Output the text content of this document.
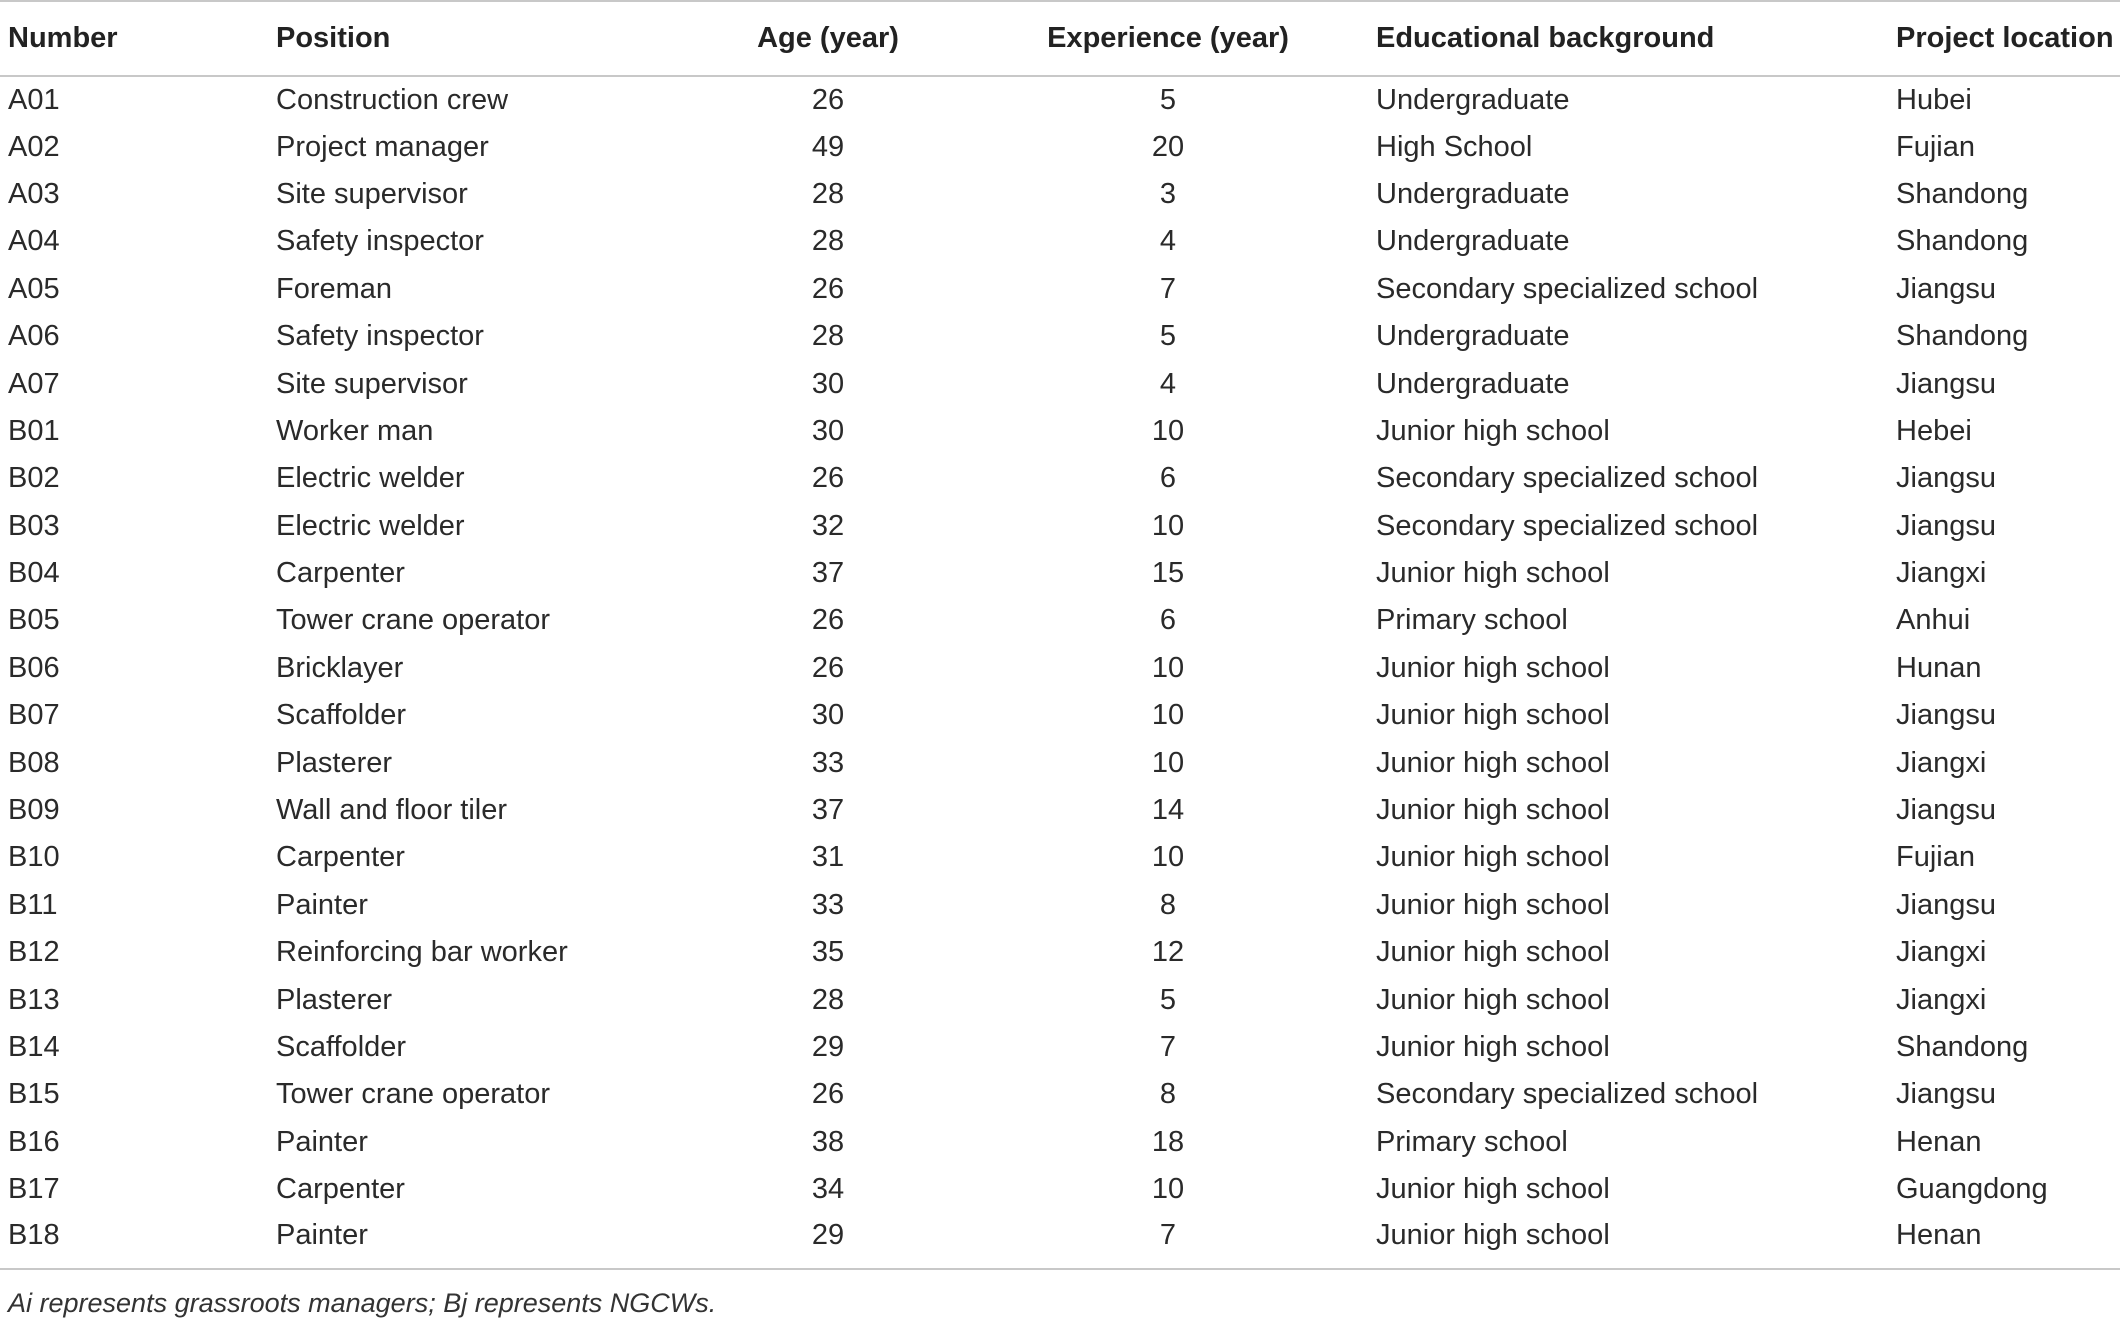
Number	Position	Age (year)	Experience (year)	Educational background	Project location
A01	Construction crew	26	5	Undergraduate	Hubei
A02	Project manager	49	20	High School	Fujian
A03	Site supervisor	28	3	Undergraduate	Shandong
A04	Safety inspector	28	4	Undergraduate	Shandong
A05	Foreman	26	7	Secondary specialized school	Jiangsu
A06	Safety inspector	28	5	Undergraduate	Shandong
A07	Site supervisor	30	4	Undergraduate	Jiangsu
B01	Worker man	30	10	Junior high school	Hebei
B02	Electric welder	26	6	Secondary specialized school	Jiangsu
B03	Electric welder	32	10	Secondary specialized school	Jiangsu
B04	Carpenter	37	15	Junior high school	Jiangxi
B05	Tower crane operator	26	6	Primary school	Anhui
B06	Bricklayer	26	10	Junior high school	Hunan
B07	Scaffolder	30	10	Junior high school	Jiangsu
B08	Plasterer	33	10	Junior high school	Jiangxi
B09	Wall and floor tiler	37	14	Junior high school	Jiangsu
B10	Carpenter	31	10	Junior high school	Fujian
B11	Painter	33	8	Junior high school	Jiangsu
B12	Reinforcing bar worker	35	12	Junior high school	Jiangxi
B13	Plasterer	28	5	Junior high school	Jiangxi
B14	Scaffolder	29	7	Junior high school	Shandong
B15	Tower crane operator	26	8	Secondary specialized school	Jiangsu
B16	Painter	38	18	Primary school	Henan
B17	Carpenter	34	10	Junior high school	Guangdong
B18	Painter	29	7	Junior high school	Henan
Ai represents grassroots managers; Bj represents NGCWs.
